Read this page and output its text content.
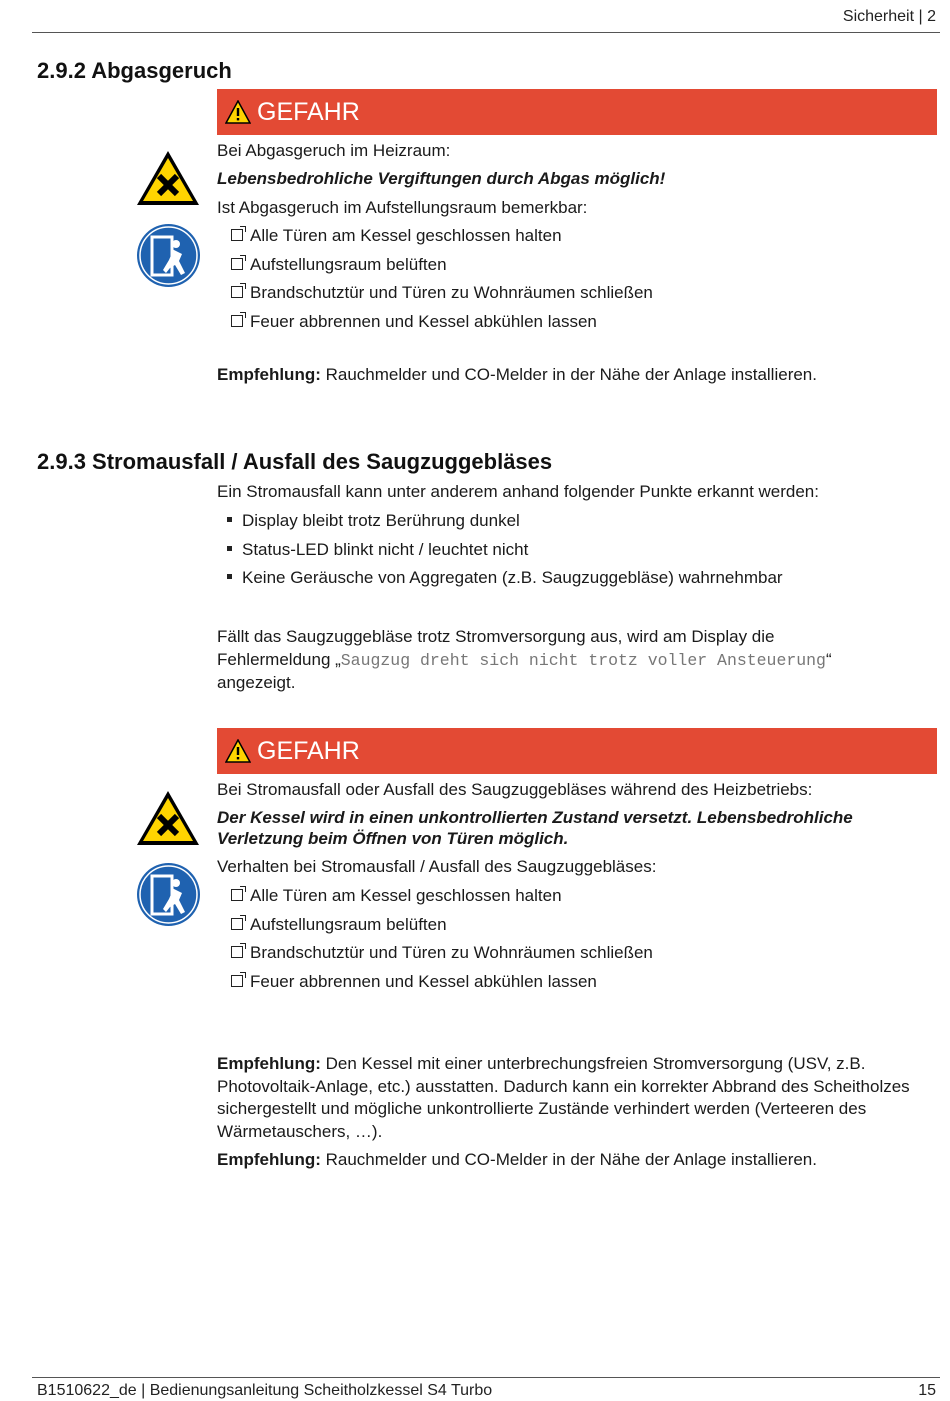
Sicherheit | 2
B1510622_de | Bedienungsanleitung Scheitholzkessel S4 Turbo	15
2.9.2 Abgasgeruch
GEFAHR
Bei Abgasgeruch im Heizraum:
Lebensbedrohliche Vergiftungen durch Abgas möglich!
Ist Abgasgeruch im Aufstellungsraum bemerkbar:
Alle Türen am Kessel geschlossen halten
Aufstellungsraum belüften
Brandschutztür und Türen zu Wohnräumen schließen
Feuer abbrennen und Kessel abkühlen lassen
Empfehlung: Rauchmelder und CO-Melder in der Nähe der Anlage installieren.
2.9.3 Stromausfall / Ausfall des Saugzuggebläses
Ein Stromausfall kann unter anderem anhand folgender Punkte erkannt werden:
Display bleibt trotz Berührung dunkel
Status-LED blinkt nicht / leuchtet nicht
Keine Geräusche von Aggregaten (z.B. Saugzuggebläse) wahrnehmbar
Fällt das Saugzuggebläse trotz Stromversorgung aus, wird am Display die Fehlermeldung „Saugzug dreht sich nicht trotz voller Ansteuerung“ angezeigt.
GEFAHR
Bei Stromausfall oder Ausfall des Saugzuggebläses während des Heizbetriebs:
Der Kessel wird in einen unkontrollierten Zustand versetzt. Lebensbedrohliche
Verletzung beim Öffnen von Türen möglich.
Verhalten bei Stromausfall / Ausfall des Saugzuggebläses:
Alle Türen am Kessel geschlossen halten
Aufstellungsraum belüften
Brandschutztür und Türen zu Wohnräumen schließen
Feuer abbrennen und Kessel abkühlen lassen
Empfehlung: Den Kessel mit einer unterbrechungsfreien Stromversorgung (USV, z.B. Photovoltaik-Anlage, etc.) ausstatten. Dadurch kann ein korrekter Abbrand des Scheitholzes sichergestellt und mögliche unkontrollierte Zustände verhindert werden (Verteeren des Wärmetauschers, …).
Empfehlung: Rauchmelder und CO-Melder in der Nähe der Anlage installieren.
